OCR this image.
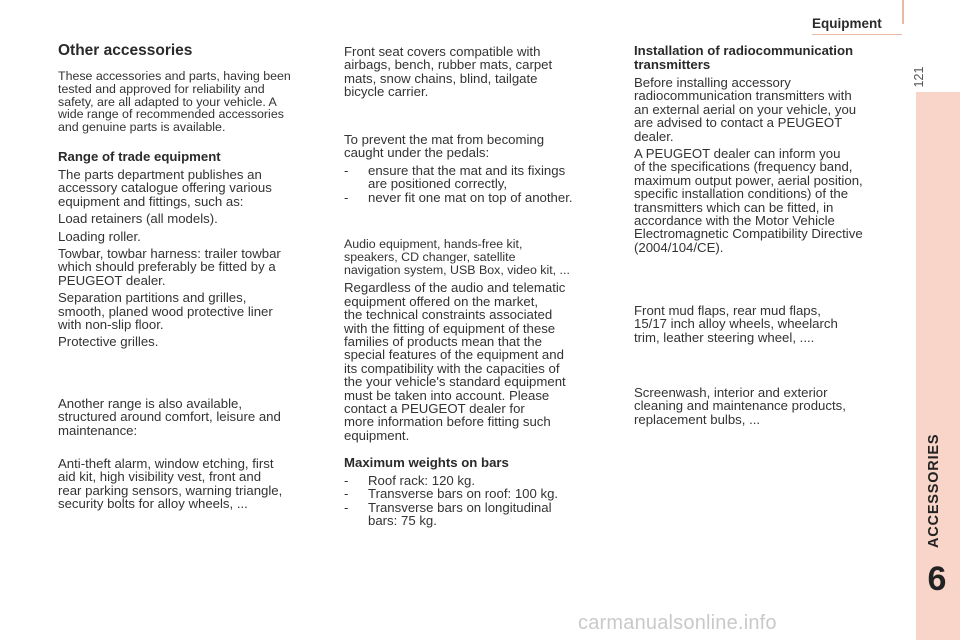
Equipment
121
ACCESSORIES
6

Other accessories

These accessories and parts, having been
tested and approved for reliability and
safety, are all adapted to your vehicle. A
wide range of recommended accessories
and genuine parts is available.

Range of trade equipment

The parts department publishes an
accessory catalogue offering various
equipment and fittings, such as:
Load retainers (all models).
Loading roller.
Towbar, towbar harness: trailer towbar
which should preferably be fitted by a
PEUGEOT dealer.
Separation partitions and grilles,
smooth, planed wood protective liner
with non-slip floor.
Protective grilles.
Another range is also available,
structured around comfort, leisure and
maintenance:
Anti-theft alarm, window etching, first
aid kit, high visibility vest, front and
rear parking sensors, warning triangle,
security bolts for alloy wheels, ...
Front seat covers compatible with
airbags, bench, rubber mats, carpet
mats, snow chains, blind, tailgate
bicycle carrier.
To prevent the mat from becoming
caught under the pedals:
-	ensure that the mat and its fixings
are positioned correctly,
-	never fit one mat on top of another.
Audio equipment, hands-free kit,
speakers, CD changer, satellite
navigation system, USB Box, video kit, ...
Regardless of the audio and telematic
equipment offered on the market,
the technical constraints associated
with the fitting of equipment of these
families of products mean that the
special features of the equipment and
its compatibility with the capacities of
the your vehicle's standard equipment
must be taken into account. Please
contact a PEUGEOT dealer for
more information before fitting such
equipment.

Maximum weights on bars

-	Roof rack: 120 kg.
-	Transverse bars on roof: 100 kg.
-	Transverse bars on longitudinal
bars: 75 kg.

Installation of radiocommunication

transmitters

Before installing accessory
radiocommunication transmitters with
an external aerial on your vehicle, you
are advised to contact a PEUGEOT
dealer.
A PEUGEOT dealer can inform you
of the specifications (frequency band,
maximum output power, aerial position,
specific installation conditions) of the
transmitters which can be fitted, in
accordance with the Motor Vehicle
Electromagnetic Compatibility Directive
(2004/104/CE).
Front mud flaps, rear mud flaps,
15/17 inch alloy wheels, wheelarch
trim, leather steering wheel, ....
Screenwash, interior and exterior
cleaning and maintenance products,
replacement bulbs, ...
carmanualsonline.info
